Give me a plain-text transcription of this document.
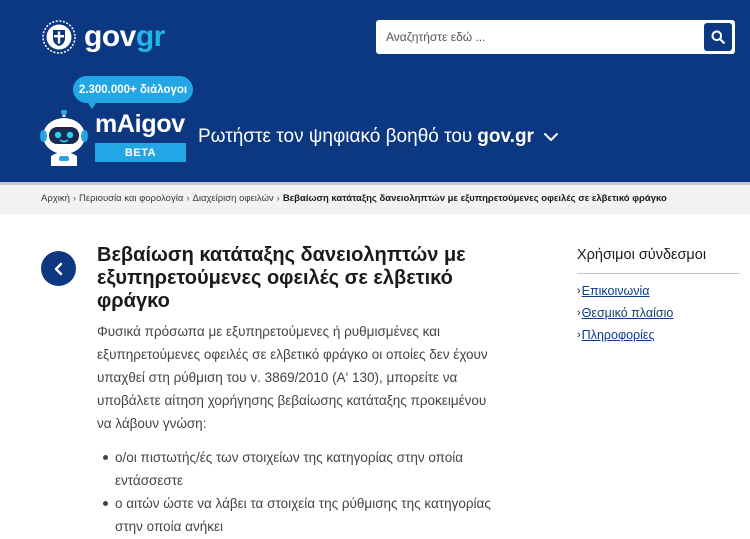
govgr
Αναζητήστε εδώ ...
2.300.000+ διάλογοι
mAigov
BETA
Ρωτήστε τον ψηφιακό βοηθό του gov.gr
Αρχική › Περιουσία και φορολογία › Διαχείριση οφειλών › Βεβαίωση κατάταξης δανειοληπτών με εξυπηρετούμενες οφειλές σε ελβετικό φράγκο
Βεβαίωση κατάταξης δανειοληπτών με εξυπηρετούμενες οφειλές σε ελβετικό φράγκο

Φυσικά πρόσωπα με εξυπηρετούμενες ή ρυθμισμένες και εξυπηρετούμενες οφειλές σε ελβετικό φράγκο οι οποίες δεν έχουν υπαχθεί στη ρύθμιση του ν. 3869/2010 (Α' 130), μπορείτε να υποβάλετε αίτηση χορήγησης βεβαίωσης κατάταξης προκειμένου να λάβουν γνώση:

ο/οι πιστωτής/ές των στοιχείων της κατηγορίας στην οποία εντάσσεστε
ο αιτών ώστε να λάβει τα στοιχεία της ρύθμισης της κατηγορίας στην οποία ανήκει
Χρήσιμοι σύνδεσμοι
› Επικοινωνία
› Θεσμικό πλαίσιο
› Πληροφορίες
